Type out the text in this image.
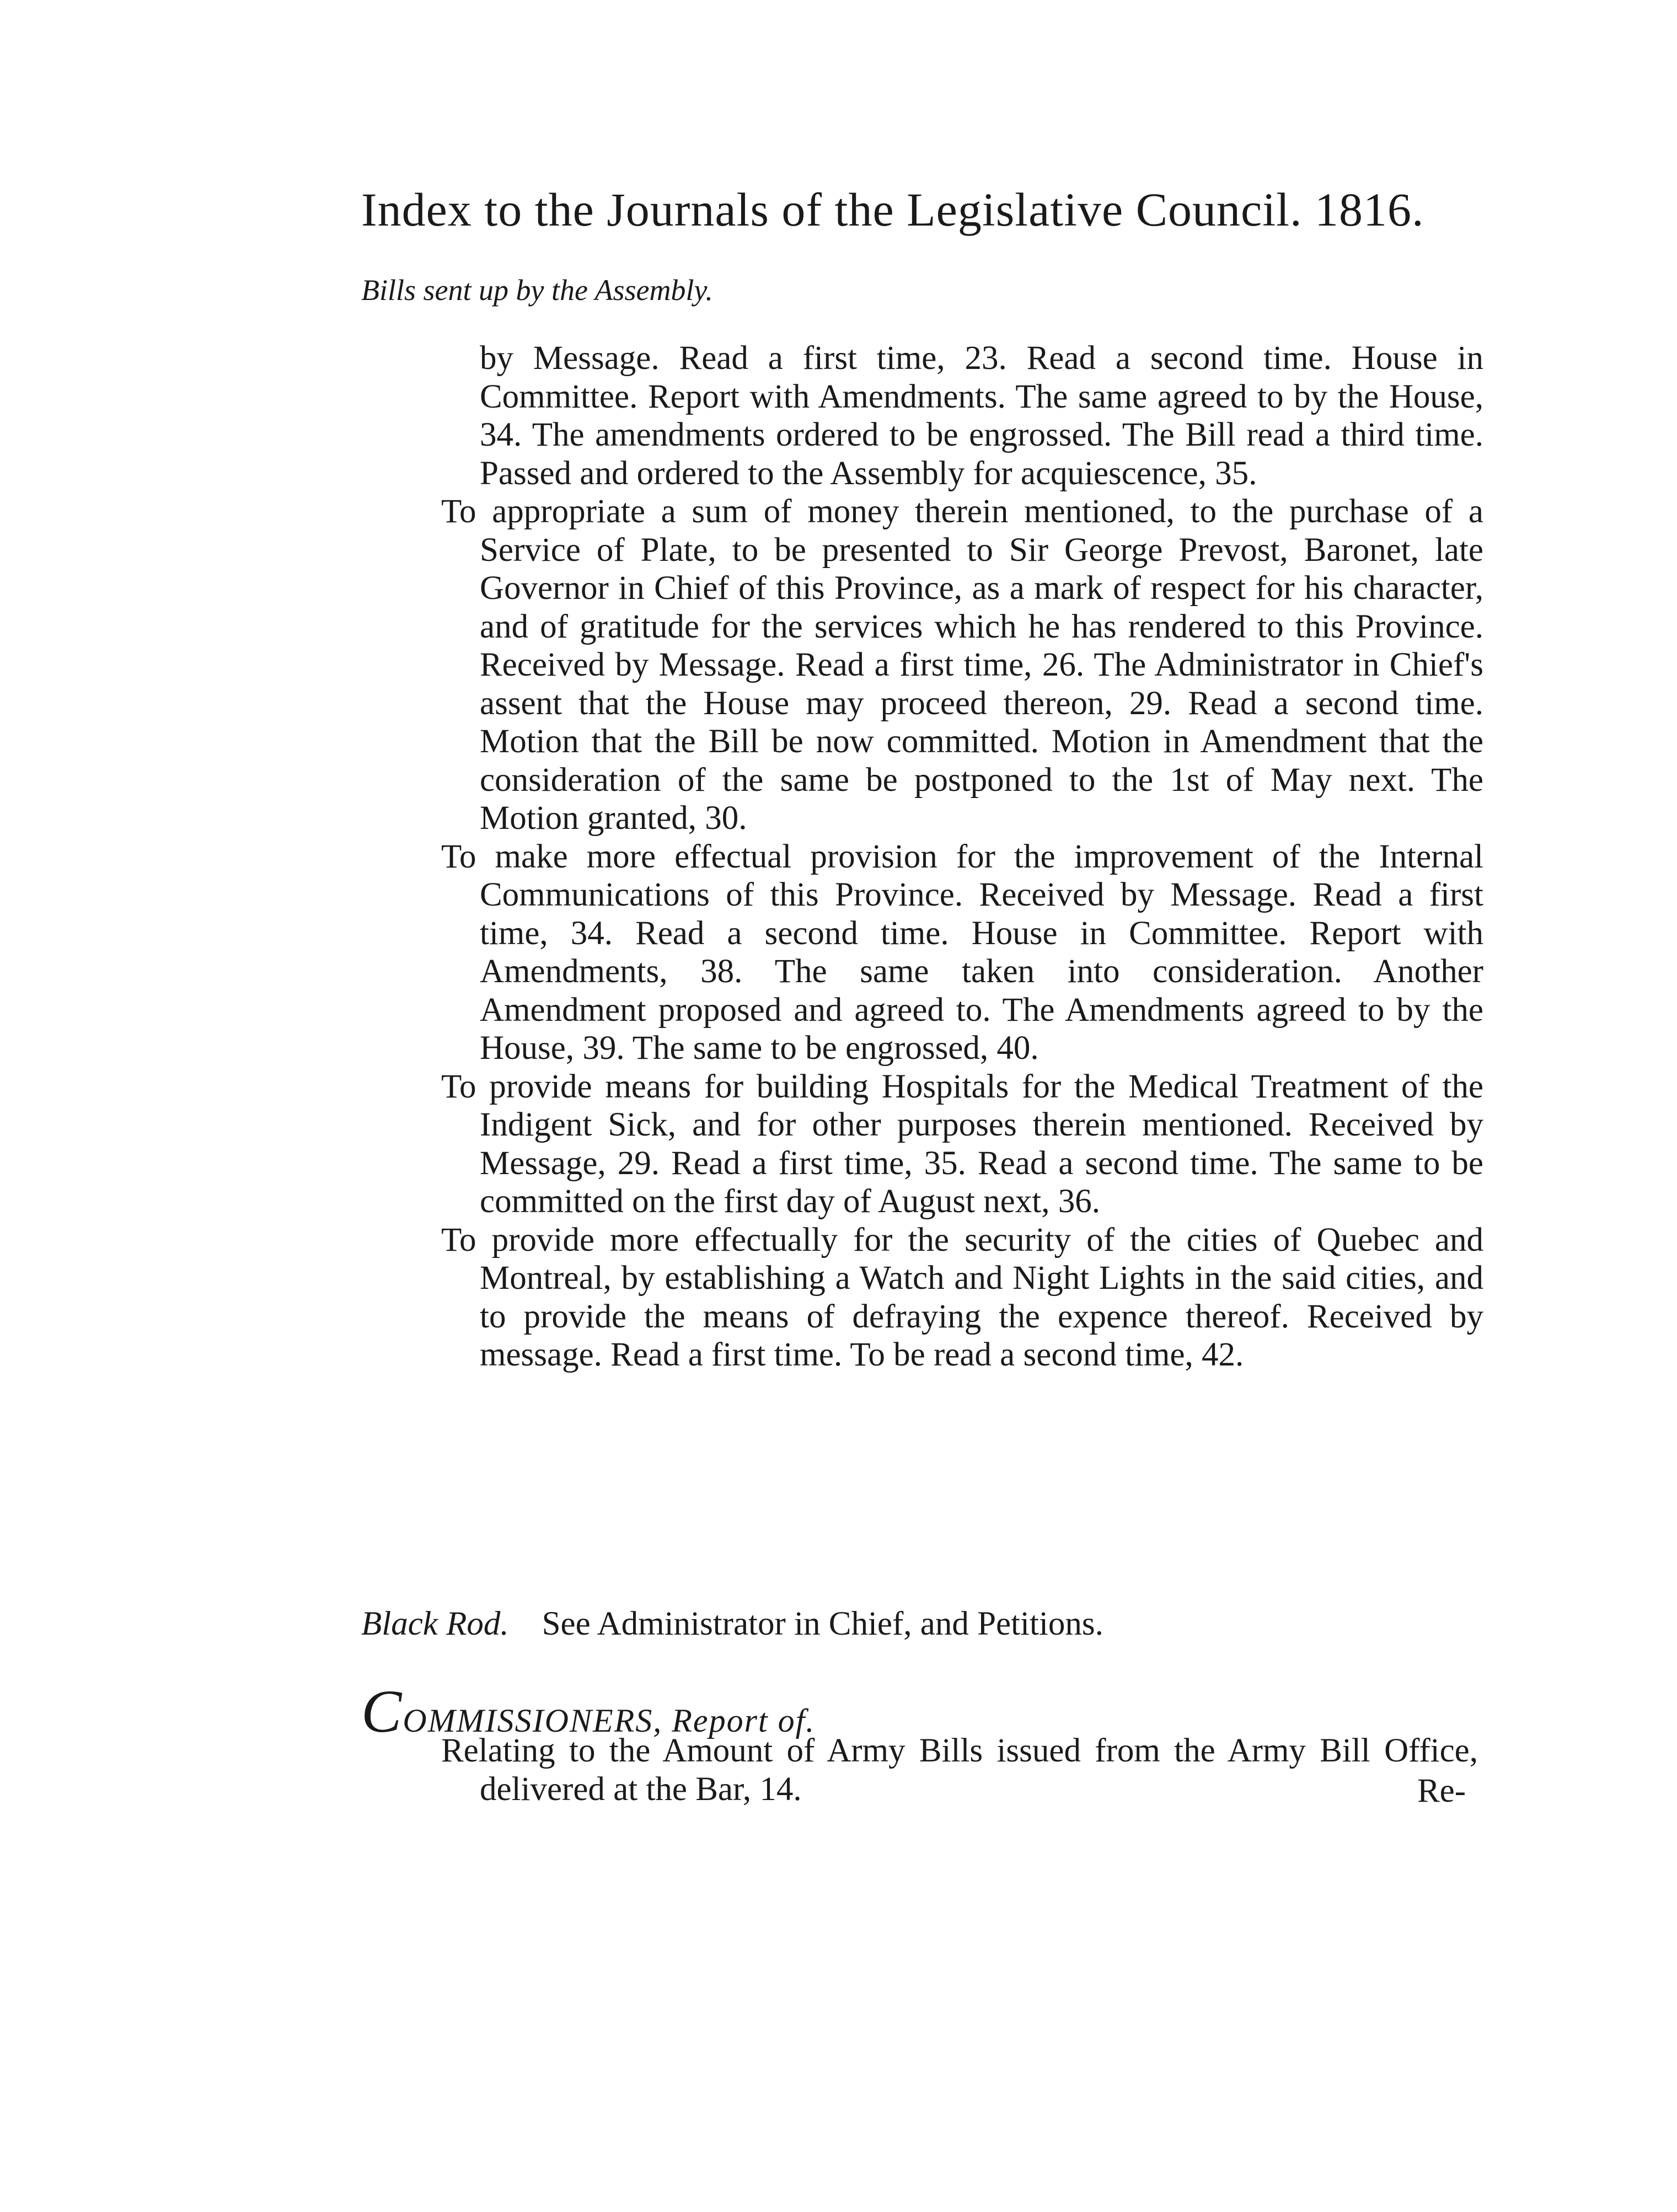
Index to the Journals of the Legislative Council. 1816.
Bills sent up by the Assembly.

by Message. Read a first time, 23. Read a second time. House in Committee. Report with Amendments. The same agreed to by the House, 34. The amendments ordered to be engrossed. The Bill read a third time. Passed and ordered to the Assembly for acquiescence, 35.

To appropriate a sum of money therein mentioned, to the purchase of a Service of Plate, to be presented to Sir George Prevost, Baronet, late Governor in Chief of this Province, as a mark of respect for his character, and of gratitude for the services which he has rendered to this Province. Received by Message. Read a first time, 26. The Administrator in Chief's assent that the House may proceed thereon, 29. Read a second time. Motion that the Bill be now committed. Motion in Amendment that the consideration of the same be postponed to the 1st of May next. The Motion granted, 30.

To make more effectual provision for the improvement of the Internal Communications of this Province. Received by Message. Read a first time, 34. Read a second time. House in Committee. Report with Amendments, 38. The same taken into consideration. Another Amendment proposed and agreed to. The Amendments agreed to by the House, 39. The same to be engrossed, 40.

To provide means for building Hospitals for the Medical Treatment of the Indigent Sick, and for other purposes therein mentioned. Received by Message, 29. Read a first time, 35. Read a second time. The same to be committed on the first day of August next, 36.

To provide more effectually for the security of the cities of Quebec and Montreal, by establishing a Watch and Night Lights in the said cities, and to provide the means of defraying the expence thereof. Received by message. Read a first time. To be read a second time, 42.

Black Rod. See Administrator in Chief, and Petitions.
COMMISSIONERS, Report of.

Relating to the Amount of Army Bills issued from the Army Bill Office, delivered at the Bar, 14.	Re-
